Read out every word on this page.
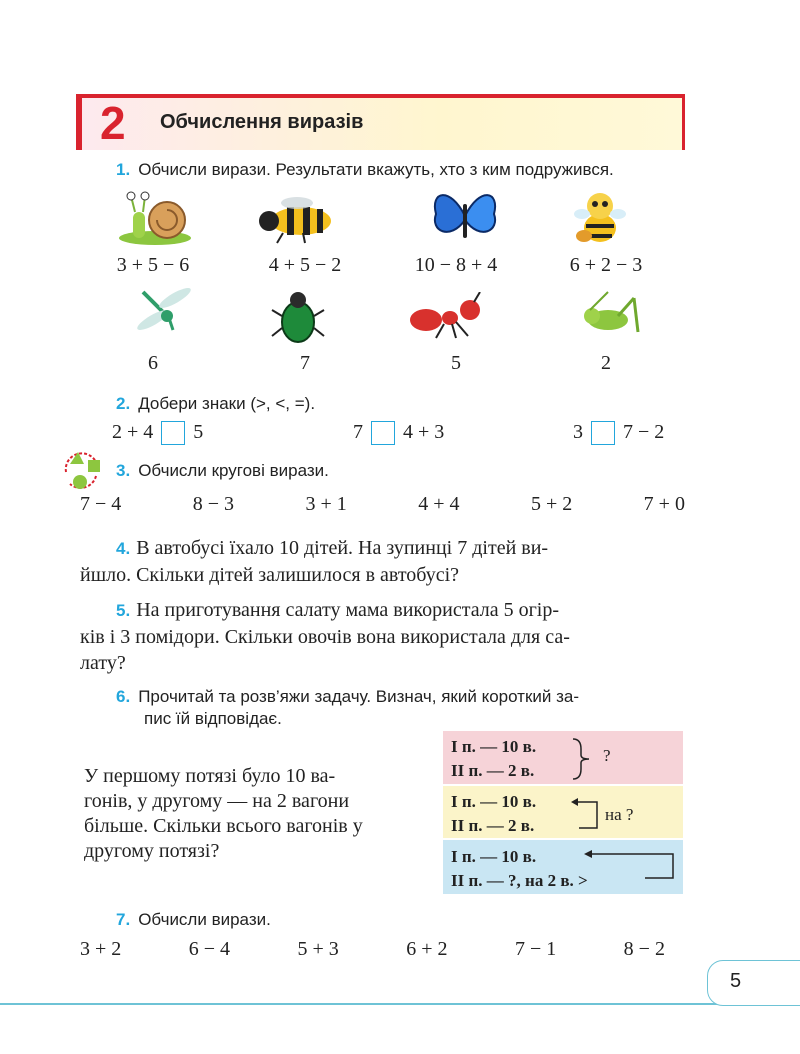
2 Обчислення виразів
1. Обчисли вирази. Результати вкажуть, хто з ким подружився.
3 + 5 − 6	4 + 5 − 2	10 − 8 + 4	6 + 2 − 3
6	7	5	2
2. Добери знаки (>, <, =).
2 + 4 5	7 4 + 3	3 7 − 2
3. Обчисли кругові вирази.
7 − 4	8 − 3	3 + 1	4 + 4	5 + 2	7 + 0
4. В автобусі їхало 10 дітей. На зупинці 7 дітей ви-
йшло. Скільки дітей залишилося в автобусі?
5. На приготування салату мама використала 5 огір-
ків і 3 помідори. Скільки овочів вона використала для са-
лату?
6. Прочитай та розв’яжи задачу. Визнач, який короткий за-
пис їй відповідає.
У першому потязі було 10 ва-
гонів, у другому — на 2 вагони
більше. Скільки всього вагонів у
другому потязі?
І п. — 10 в.
ІІ п. — 2 в.
?
І п. — 10 в.
ІІ п. — 2 в.
на ?
І п. — 10 в.
ІІ п. — ?, на 2 в. >
7. Обчисли вирази.
3 + 2	6 − 4	5 + 3	6 + 2	7 − 1	8 − 2
5
